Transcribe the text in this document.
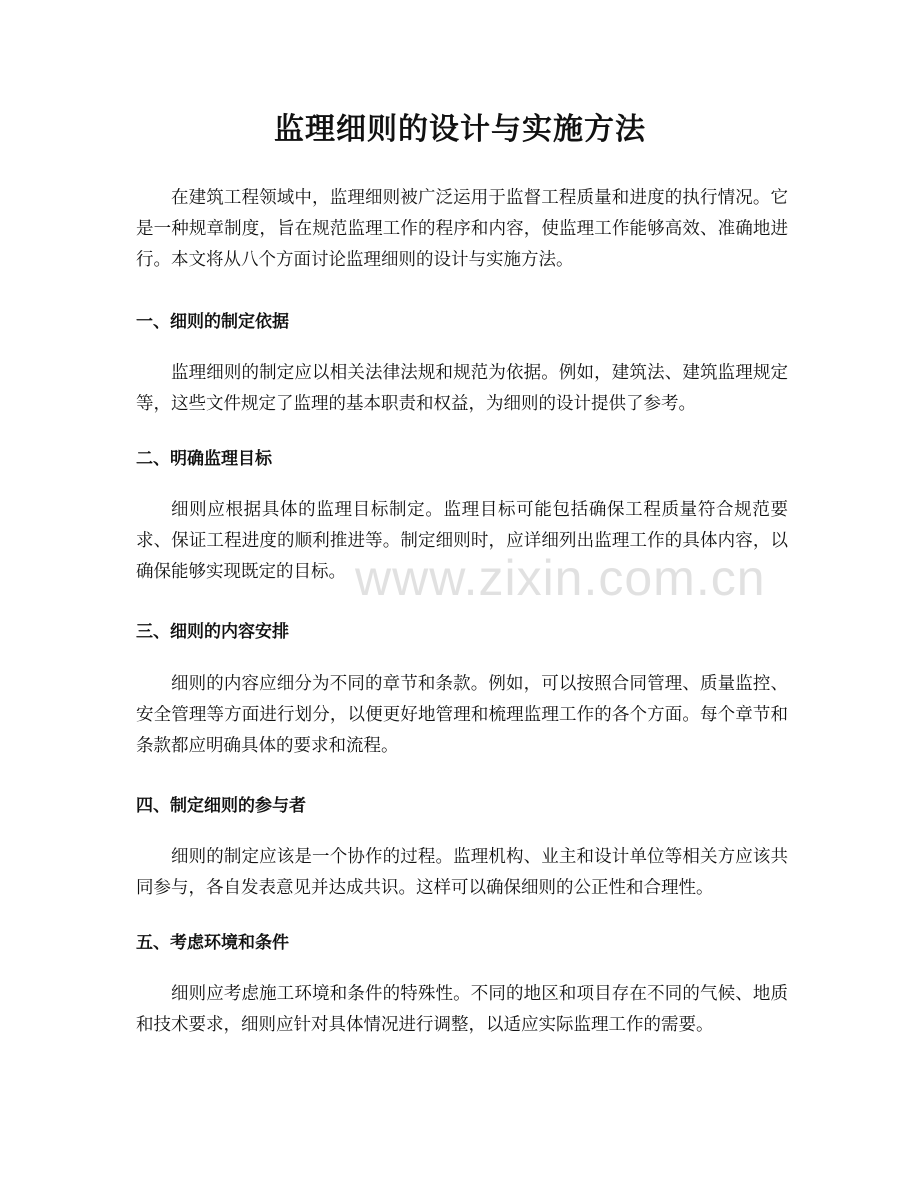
监理细则的设计与实施方法

在建筑工程领域中，监理细则被广泛运用于监督工程质量和进度的执行情况。它是一种规章制度，旨在规范监理工作的程序和内容，使监理工作能够高效、准确地进行。本文将从八个方面讨论监理细则的设计与实施方法。

一、细则的制定依据

监理细则的制定应以相关法律法规和规范为依据。例如，建筑法、建筑监理规定等，这些文件规定了监理的基本职责和权益，为细则的设计提供了参考。

二、明确监理目标

细则应根据具体的监理目标制定。监理目标可能包括确保工程质量符合规范要求、保证工程进度的顺利推进等。制定细则时，应详细列出监理工作的具体内容，以确保能够实现既定的目标。

三、细则的内容安排

细则的内容应细分为不同的章节和条款。例如，可以按照合同管理、质量监控、安全管理等方面进行划分，以便更好地管理和梳理监理工作的各个方面。每个章节和条款都应明确具体的要求和流程。

四、制定细则的参与者

细则的制定应该是一个协作的过程。监理机构、业主和设计单位等相关方应该共同参与，各自发表意见并达成共识。这样可以确保细则的公正性和合理性。

五、考虑环境和条件

细则应考虑施工环境和条件的特殊性。不同的地区和项目存在不同的气候、地质和技术要求，细则应针对具体情况进行调整，以适应实际监理工作的需要。

www.zixin.com.cn
